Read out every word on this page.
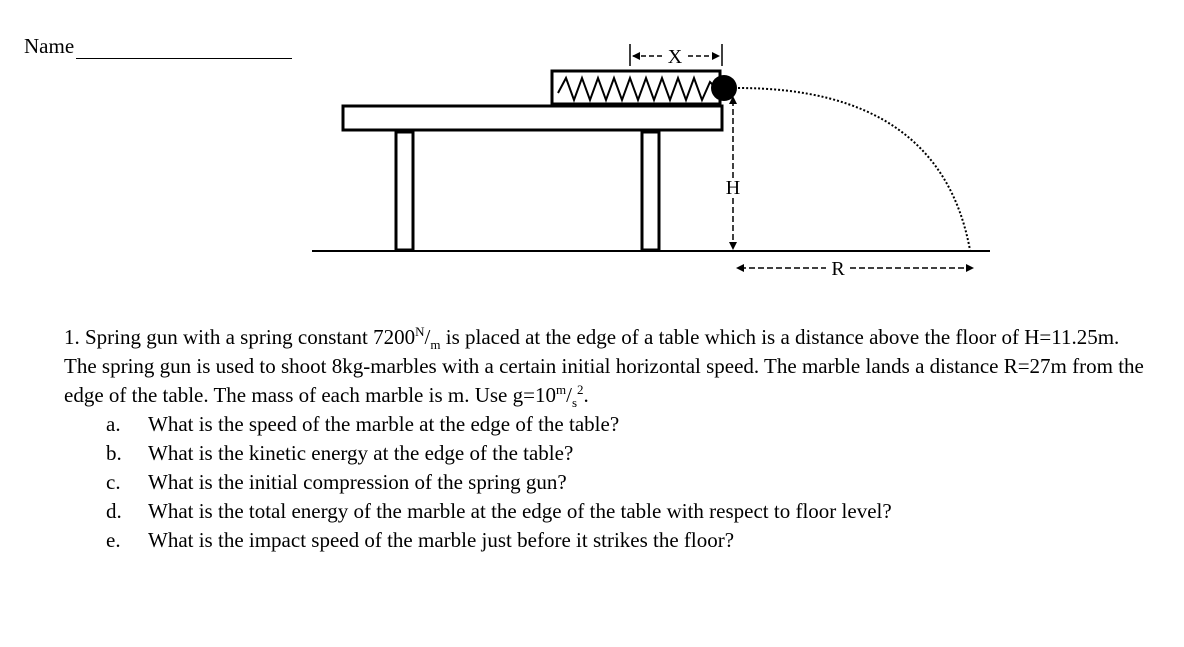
Name	X
H
R

1. Spring gun with a spring constant $7200^N/_m$ is placed at the edge of a table which is a distance above the floor of H=11.25m. The spring gun is used to shoot 8kg-marbles with a certain initial horizontal speed. The marble lands a distance R=27m from the edge of the table. The mass of each marble is m. Use $g=10^m/_s^2$.

a.	What is the speed of the marble at the edge of the table?
b.	What is the kinetic energy at the edge of the table?
c.	What is the initial compression of the spring gun?
d.	What is the total energy of the marble at the edge of the table with respect to floor level?
e.	What is the impact speed of the marble just before it strikes the floor?
